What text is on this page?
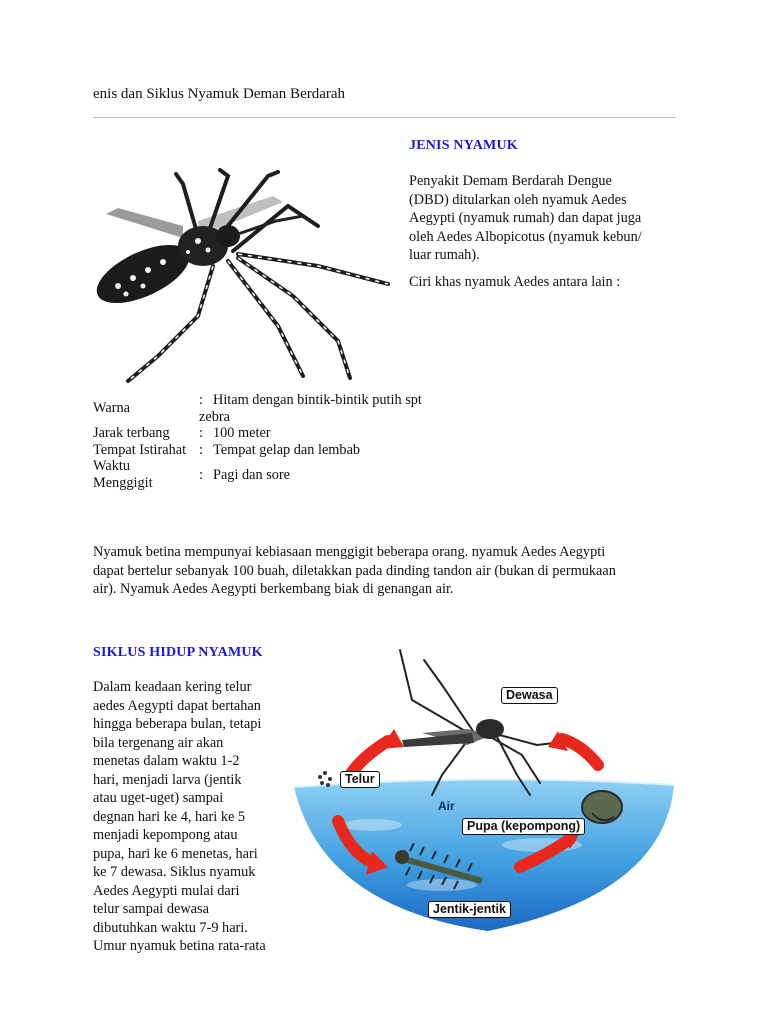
enis dan Siklus Nyamuk Deman Berdarah
JENIS NYAMUK
Penyakit Demam Berdarah Dengue
(DBD) ditularkan oleh nyamuk Aedes
Aegypti (nyamuk rumah) dan dapat juga
oleh Aedes Albopicotus (nyamuk kebun/
luar rumah).
Ciri khas nyamuk Aedes antara lain :
Warna	: Hitam dengan bintik-bintik putih spt
zebra
Jarak terbang : 100 meter
Tempat Istirahat : Tempat gelap dan lembab
Waktu
Menggigit	: Pagi dan sore
Nyamuk betina mempunyai kebiasaan menggigit beberapa orang. nyamuk Aedes Aegypti
dapat bertelur sebanyak 100 buah, diletakkan pada dinding tandon air (bukan di permukaan
air). Nyamuk Aedes Aegypti berkembang biak di genangan air.
SIKLUS HIDUP NYAMUK
Dalam keadaan kering telur
aedes Aegypti dapat bertahan
hingga beberapa bulan, tetapi
bila tergenang air akan
menetas dalam waktu 1-2
hari, menjadi larva (jentik
atau uget-uget) sampai
degnan hari ke 4, hari ke 5
menjadi kepompong atau
pupa, hari ke 6 menetas, hari
ke 7 dewasa. Siklus nyamuk
Aedes Aegypti mulai dari
telur sampai dewasa
dibutuhkan waktu 7-9 hari.
Umur nyamuk betina rata-rata
Dewasa
Telur
Air
Pupa (kepompong)
Jentik-jentik
